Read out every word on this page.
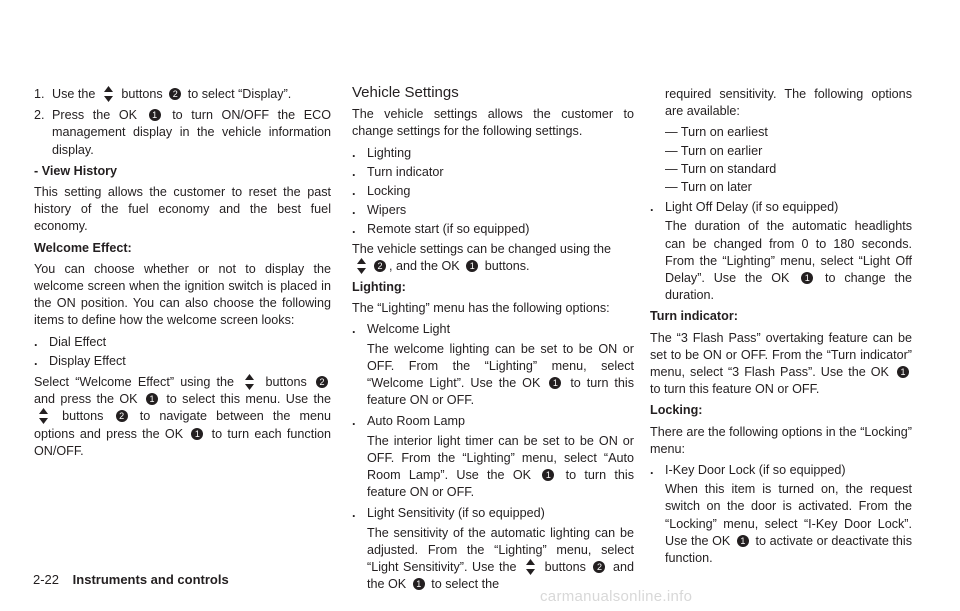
1. Use the buttons 2 to select “Display”.
2. Press the OK 1 to turn ON/OFF the ECO management display in the vehicle information display.
- View History

This setting allows the customer to reset the past history of the fuel economy and the best fuel economy.

Welcome Effect:

You can choose whether or not to display the welcome screen when the ignition switch is placed in the ON position. You can also choose the following items to define how the welcome screen looks:

. Dial Effect
. Display Effect

Select “Welcome Effect” using the buttons 2 and press the OK 1 to select this menu. Use the  buttons 2 to navigate between the menu options and press the OK 1 to turn each function ON/OFF.

Vehicle Settings

The vehicle settings allows the customer to change settings for the following settings.

. Lighting
. Turn indicator
. Locking
. Wipers
. Remote start (if so equipped)

The vehicle settings can be changed using the
2 , and the OK 1 buttons.

Lighting:

The “Lighting” menu has the following options:

. Welcome Light

The welcome lighting can be set to be ON or OFF. From the “Lighting” menu, select “Welcome Light”. Use the OK 1 to turn this feature ON or OFF.

. Auto Room Lamp

The interior light timer can be set to be ON or OFF. From the “Lighting” menu, select “Auto Room Lamp”. Use the OK 1 to turn this feature ON or OFF.

. Light Sensitivity (if so equipped)

The sensitivity of the automatic lighting can be adjusted. From the “Lighting” menu, select “Light Sensitivity”. Use the buttons 2 and the OK 1 to select the

required sensitivity. The following options are available:

— Turn on earliest
— Turn on earlier
— Turn on standard
— Turn on later
. Light Off Delay (if so equipped)

The duration of the automatic headlights can be changed from 0 to 180 seconds. From the “Lighting” menu, select “Light Off Delay”. Use the OK 1 to change the duration.

Turn indicator:

The “3 Flash Pass” overtaking feature can be set to be ON or OFF. From the “Turn indicator” menu, select “3 Flash Pass”. Use the OK 1 to turn this feature ON or OFF.

Locking:

There are the following options in the “Locking” menu:

. I-Key Door Lock (if so equipped)

When this item is turned on, the request switch on the door is activated. From the “Locking” menu, select “I-Key Door Lock”. Use the OK 1 to activate or deactivate this function.

2-22 Instruments and controls
carmanualsonline.info
